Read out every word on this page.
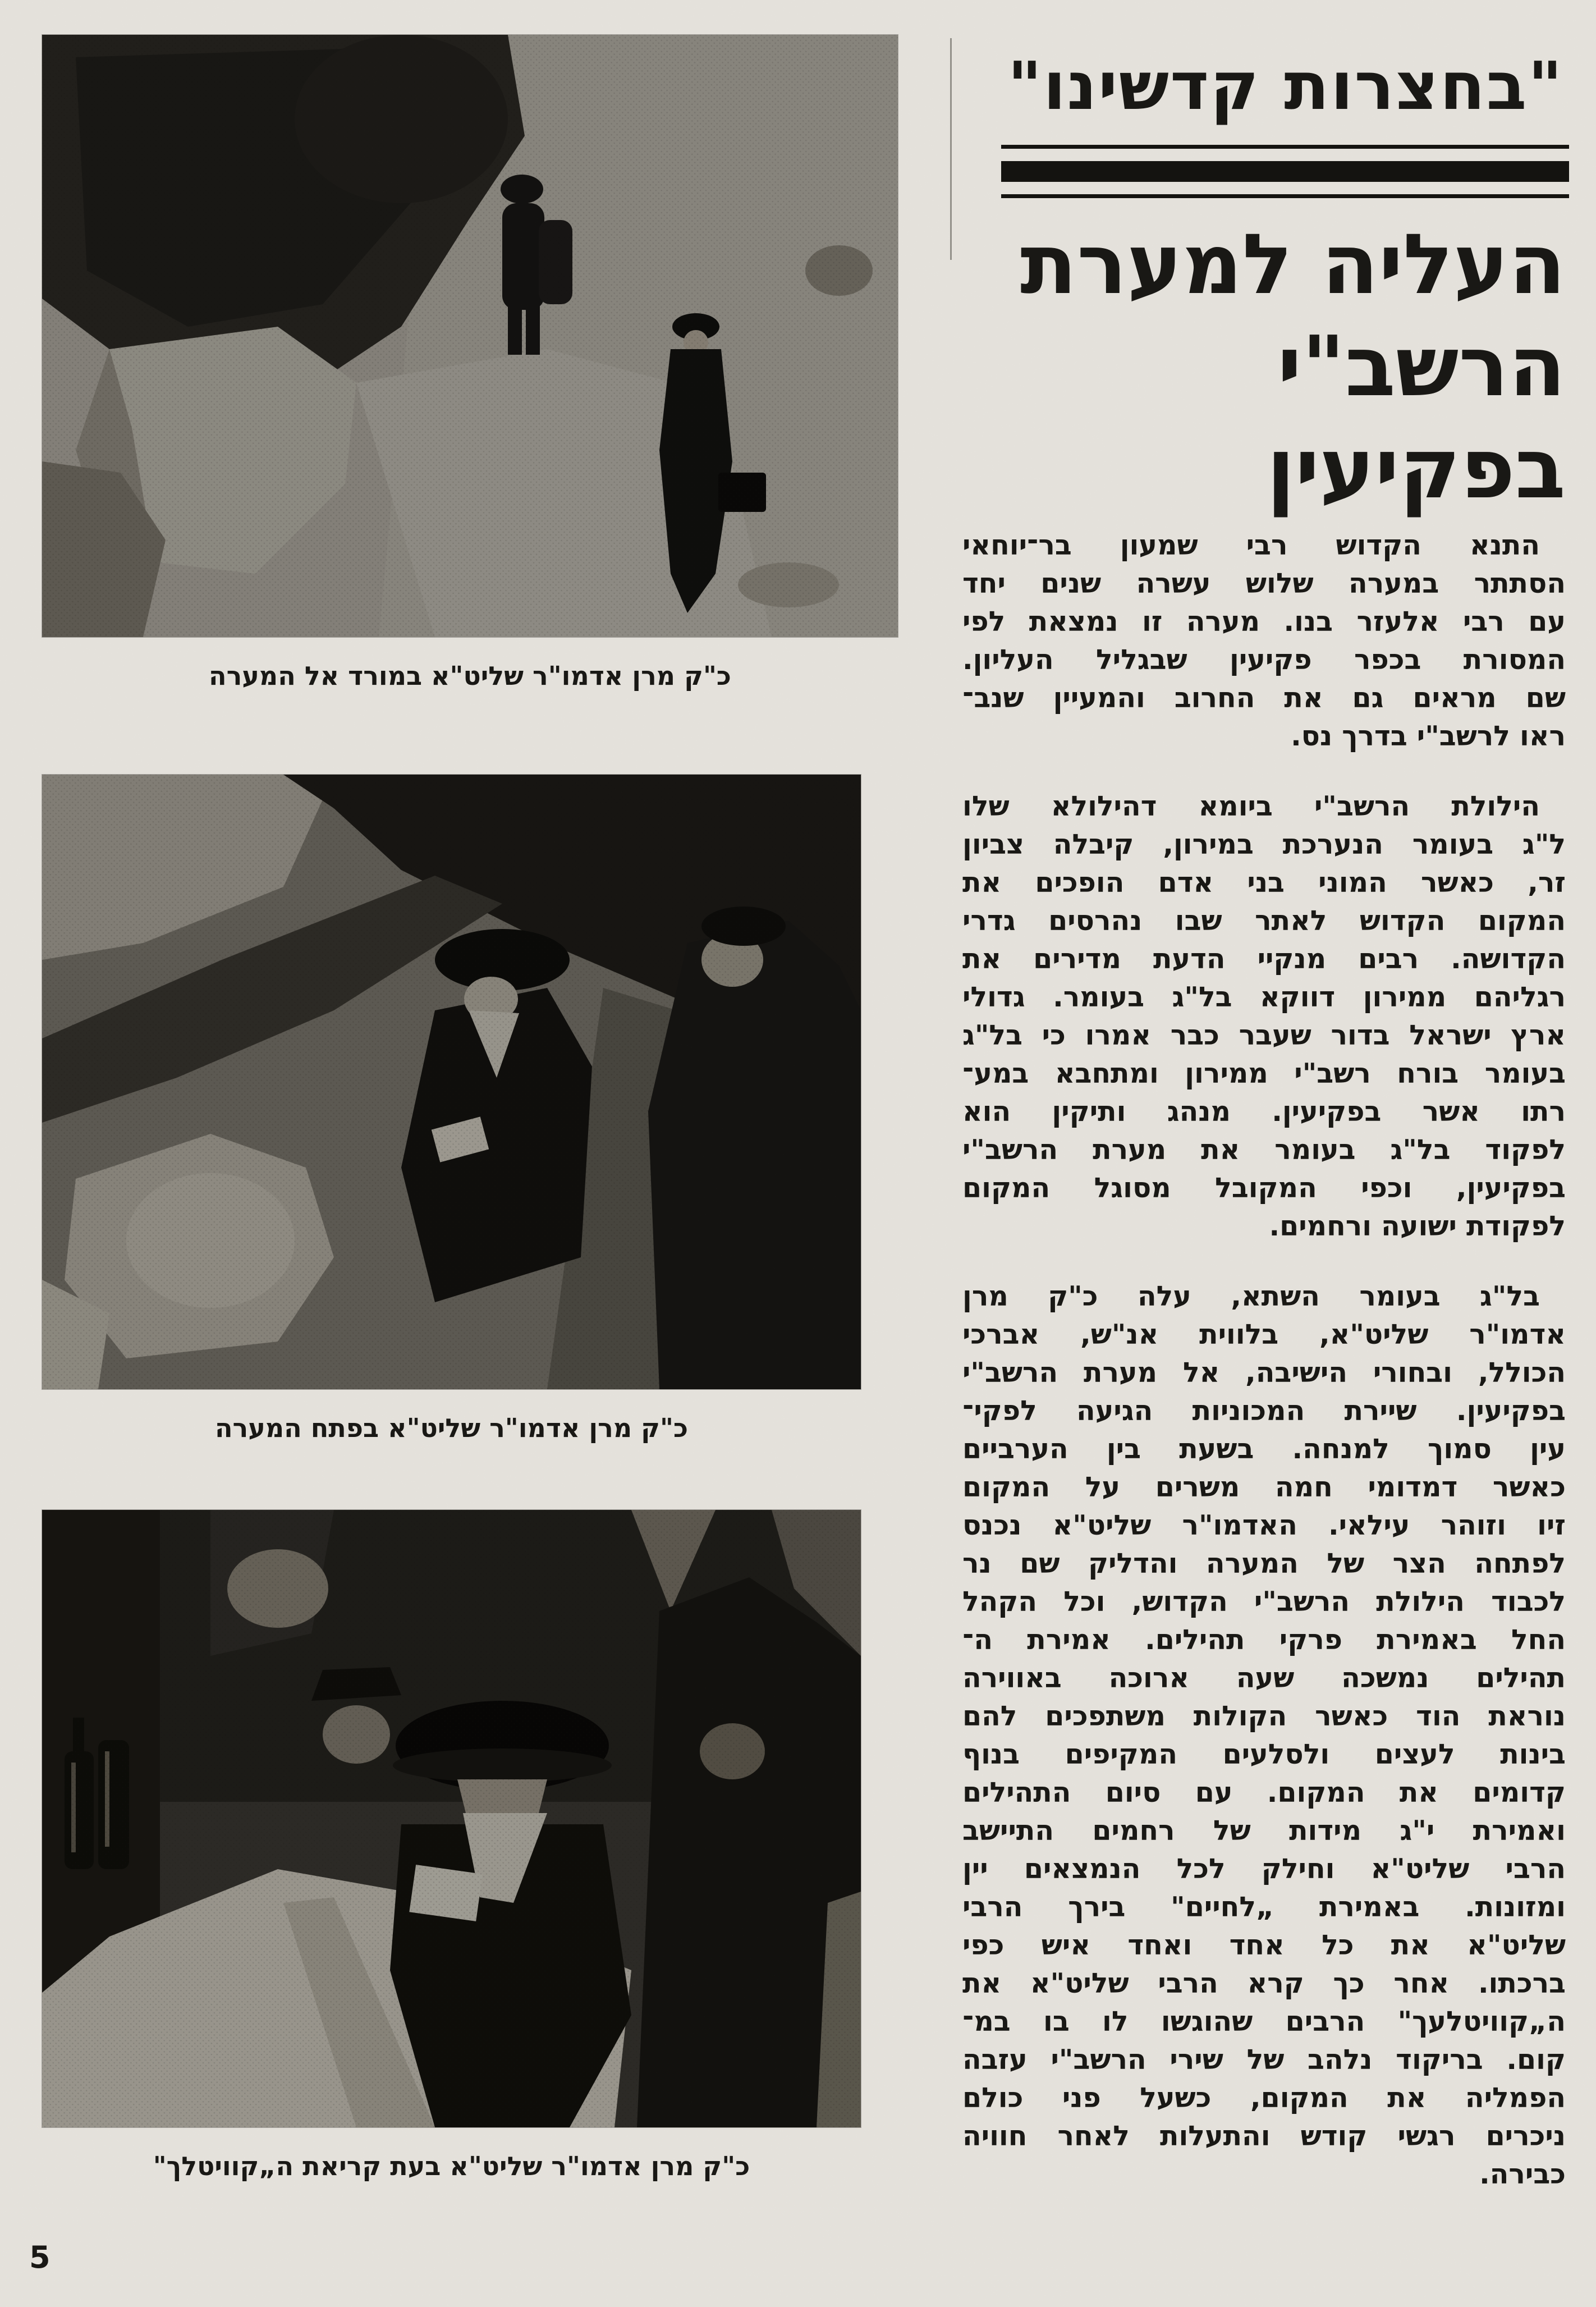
"בחצרות קדשינו"
העליה למערת
הרשב"י
בפקיעין
התנא הקדוש רבי שמעון בר־יוחאי
הסתתר במערה שלוש עשרה שנים יחד
עם רבי אלעזר בנו. מערה זו נמצאת לפי
המסורת בכפר פקיעין שבגליל העליון.
שם מראים גם את החרוב והמעיין שנב־
ראו לרשב"י בדרך נס.
הילולת הרשב"י ביומא דהילולא שלו
ל"ג בעומר הנערכת במירון, קיבלה צביון
זר, כאשר המוני בני אדם הופכים את
המקום הקדוש לאתר שבו נהרסים גדרי
הקדושה. רבים מנקיי הדעת מדירים את
רגליהם ממירון דווקא בל"ג בעומר. גדולי
ארץ ישראל בדור שעבר כבר אמרו כי בל"ג
בעומר בורח רשב"י ממירון ומתחבא במע־
רתו אשר בפקיעין. מנהג ותיקין הוא
לפקוד בל"ג בעומר את מערת הרשב"י
בפקיעין, וכפי המקובל מסוגל המקום
לפקודת ישועה ורחמים.
בל"ג בעומר השתא, עלה כ"ק מרן
אדמו"ר שליט"א, בלווית אנ"ש, אברכי
הכולל, ובחורי הישיבה, אל מערת הרשב"י
בפקיעין. שיירת המכוניות הגיעה לפקי־
עין סמוך למנחה. בשעת בין הערביים
כאשר דמדומי חמה משרים על המקום
זיו וזוהר עילאי. האדמו"ר שליט"א נכנס
לפתחה הצר של המערה והדליק שם נר
לכבוד הילולת הרשב"י הקדוש, וכל הקהל
החל באמירת פרקי תהילים. אמירת ה־
תהילים נמשכה שעה ארוכה באווירה
נוראת הוד כאשר הקולות משתפכים להם
בינות לעצים ולסלעים המקיפים בנוף
קדומים את המקום. עם סיום התהילים
ואמירת י"ג מידות של רחמים התיישב
הרבי שליט"א וחילק לכל הנמצאים יין
ומזונות. באמירת „לחיים" בירך הרבי
שליט"א את כל אחד ואחד איש כפי
ברכתו. אחר כך קרא הרבי שליט"א את
ה„קוויטלעך" הרבים שהוגשו לו בו במ־
קום. בריקוד נלהב של שירי הרשב"י עזבה
הפמליה את המקום, כשעל פני כולם
ניכרים רגשי קודש והתעלות לאחר חוויה
כבירה.
כ"ק מרן אדמו"ר שליט"א במורד אל המערה
כ"ק מרן אדמו"ר שליט"א בפתח המערה
כ"ק מרן אדמו"ר שליט"א בעת קריאת ה„קוויטלך"
5
